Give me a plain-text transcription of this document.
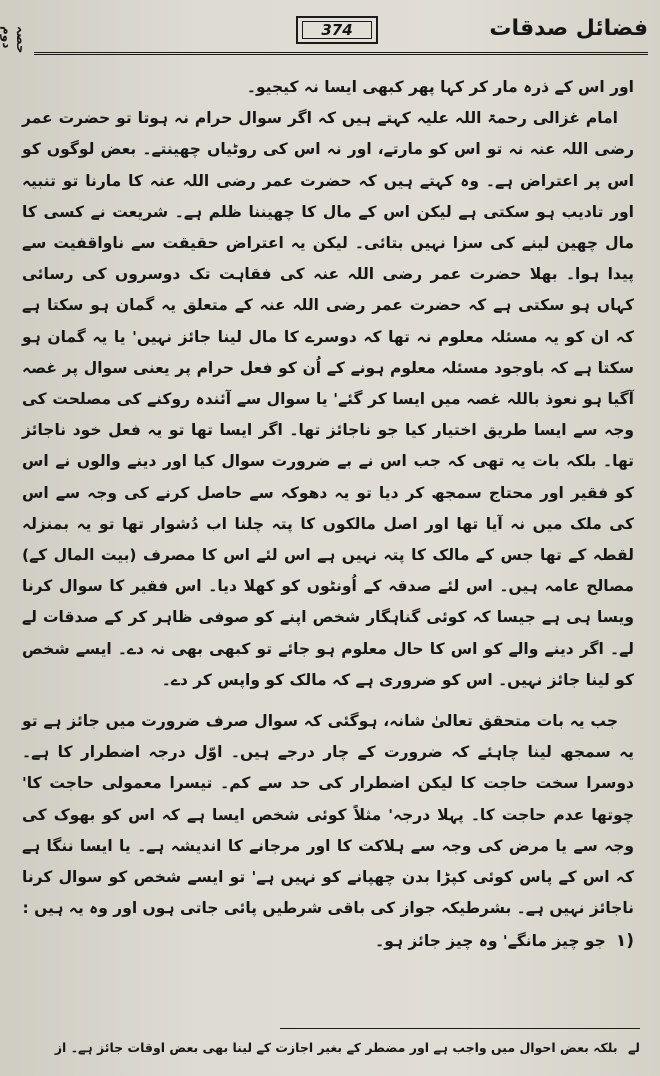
حصہ دوم	374	فضائل صدقات

اور اس کے ذرہ مار کر کہا پھر کبھی ایسا نہ کیجیو۔

امام غزالی رحمۃ اللہ علیہ کہتے ہیں کہ اگر سوال حرام نہ ہوتا تو حضرت عمر رضی اللہ عنہ نہ تو اس کو مارتے، اور نہ اس کی روٹیاں چھینتے۔ بعض لوگوں کو اس پر اعتراض ہے۔ وہ کہتے ہیں کہ حضرت عمر رضی اللہ عنہ کا مارنا تو تنبیہ اور تادیب ہو سکتی ہے لیکن اس کے مال کا چھیننا ظلم ہے۔ شریعت نے کسی کا مال چھین لینے کی سزا نہیں بتائی۔ لیکن یہ اعتراض حقیقت سے ناواقفیت سے پیدا ہوا۔ بھلا حضرت عمر رضی اللہ عنہ کی فقاہت تک دوسروں کی رسائی کہاں ہو سکتی ہے کہ حضرت عمر رضی اللہ عنہ کے متعلق یہ گمان ہو سکتا ہے کہ ان کو یہ مسئلہ معلوم نہ تھا کہ دوسرے کا مال لینا جائز نہیں' یا یہ گمان ہو سکتا ہے کہ باوجود مسئلہ معلوم ہونے کے اُن کو فعل حرام پر یعنی سوال پر غصہ آگیا ہو نعوذ باللہ غصہ میں ایسا کر گئے' یا سوال سے آئندہ روکنے کی مصلحت کی وجہ سے ایسا طریق اختیار کیا جو ناجائز تھا۔ اگر ایسا تھا تو یہ فعل خود ناجائز تھا۔ بلکہ بات یہ تھی کہ جب اس نے بے ضرورت سوال کیا اور دینے والوں نے اس کو فقیر اور محتاج سمجھ کر دیا تو یہ دھوکہ سے حاصل کرنے کی وجہ سے اس کی ملک میں نہ آیا تھا اور اصل مالکوں کا پتہ چلنا اب دُشوار تھا تو یہ بمنزلہ لقطہ کے تھا جس کے مالک کا پتہ نہیں ہے اس لئے اس کا مصرف (بیت المال کے) مصالح عامہ ہیں۔ اس لئے صدقہ کے اُونٹوں کو کھلا دیا۔ اس فقیر کا سوال کرنا ویسا ہی ہے جیسا کہ کوئی گناہگار شخص اپنے کو صوفی ظاہر کر کے صدقات لے لے۔ اگر دینے والے کو اس کا حال معلوم ہو جائے تو کبھی بھی نہ دے۔ ایسے شخص کو لینا جائز نہیں۔ اس کو ضروری ہے کہ مالک کو واپس کر دے۔

جب یہ بات متحقق تعالیٰ شانہ، ہوگئی کہ سوال صرف ضرورت میں جائز ہے تو یہ سمجھ لینا چاہئے کہ ضرورت کے چار درجے ہیں۔ اوّل درجہ اضطرار کا ہے۔ دوسرا سخت حاجت کا لیکن اضطرار کی حد سے کم۔ تیسرا معمولی حاجت کا' چوتھا عدم حاجت کا۔ پہلا درجہ' مثلاً کوئی شخص ایسا ہے کہ اس کو بھوک کی وجہ سے یا مرض کی وجہ سے ہلاکت کا اور مرجانے کا اندیشہ ہے۔ یا ایسا ننگا ہے کہ اس کے پاس کوئی کپڑا بدن چھپانے کو نہیں ہے' تو ایسے شخص کو سوال کرنا ناجائز نہیں ہے۔ بشرطیکہ جواز کی باقی شرطیں پائی جاتی ہوں اور وہ یہ ہیں :

(۱
جو چیز مانگے' وہ چیز جائز ہو۔
لے بلکہ بعض احوال میں واجب ہے اور مضطر کے بغیر اجازت کے لینا بھی بعض اوقات جائز ہے۔ از
